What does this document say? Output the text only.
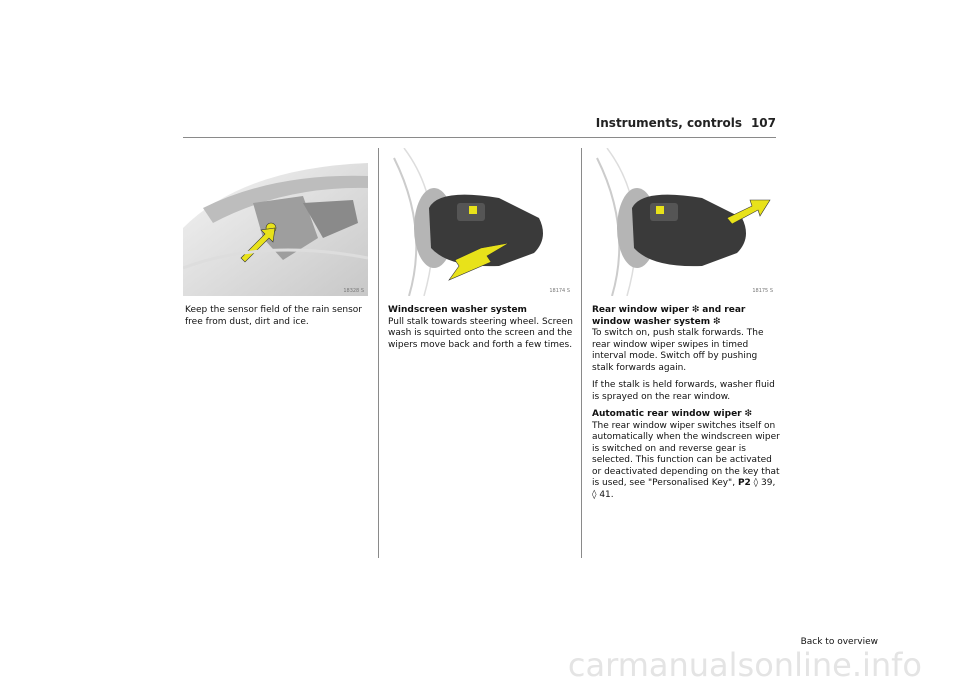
Instruments, controls 107
18328 S	18174 S	18175 S

Keep the sensor field of the rain sensor free from dust, dirt and ice.

Windscreen washer system
Pull stalk towards steering wheel. Screen wash is squirted onto the screen and the wipers move back and forth a few times.

Rear window wiper ❇ and rear window washer system ❇
To switch on, push stalk forwards. The rear window wiper swipes in timed interval mode. Switch off by pushing stalk forwards again.

If the stalk is held forwards, washer fluid is sprayed on the rear window.

Automatic rear window wiper ❇
The rear window wiper switches itself on automatically when the windscreen wiper is switched on and reverse gear is selected. This function can be activated or deactivated depending on the key that is used, see "Personalised Key", P2 ◊ 39,
◊ 41.

Back to overview
carmanualsonline.info
